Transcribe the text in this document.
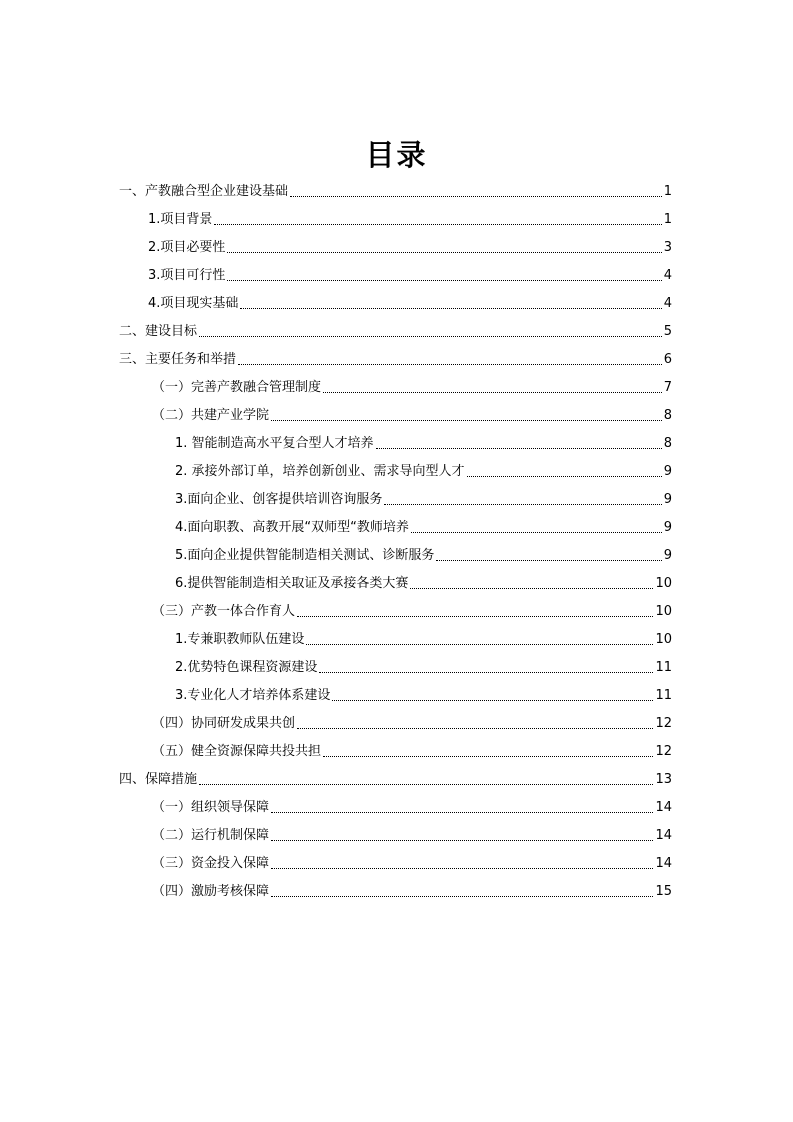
目录
一、产教融合型企业建设基础	1
1.项目背景	1
2.项目必要性	3
3.项目可行性	4
4.项目现实基础	4
二、建设目标	5
三、主要任务和举措	6
（一）完善产教融合管理制度	7
（二）共建产业学院	8
1. 智能制造高水平复合型人才培养	8
2. 承接外部订单，培养创新创业、需求导向型人才	9
3.面向企业、创客提供培训咨询服务	9
4.面向职教、高教开展“双师型“教师培养	9
5.面向企业提供智能制造相关测试、诊断服务	9
6.提供智能制造相关取证及承接各类大赛	10
（三）产教一体合作育人	10
1.专兼职教师队伍建设	10
2.优势特色课程资源建设	11
3.专业化人才培养体系建设	11
（四）协同研发成果共创	12
（五）健全资源保障共投共担	12
四、保障措施	13
（一）组织领导保障	14
（二）运行机制保障	14
（三）资金投入保障	14
（四）激励考核保障	15
